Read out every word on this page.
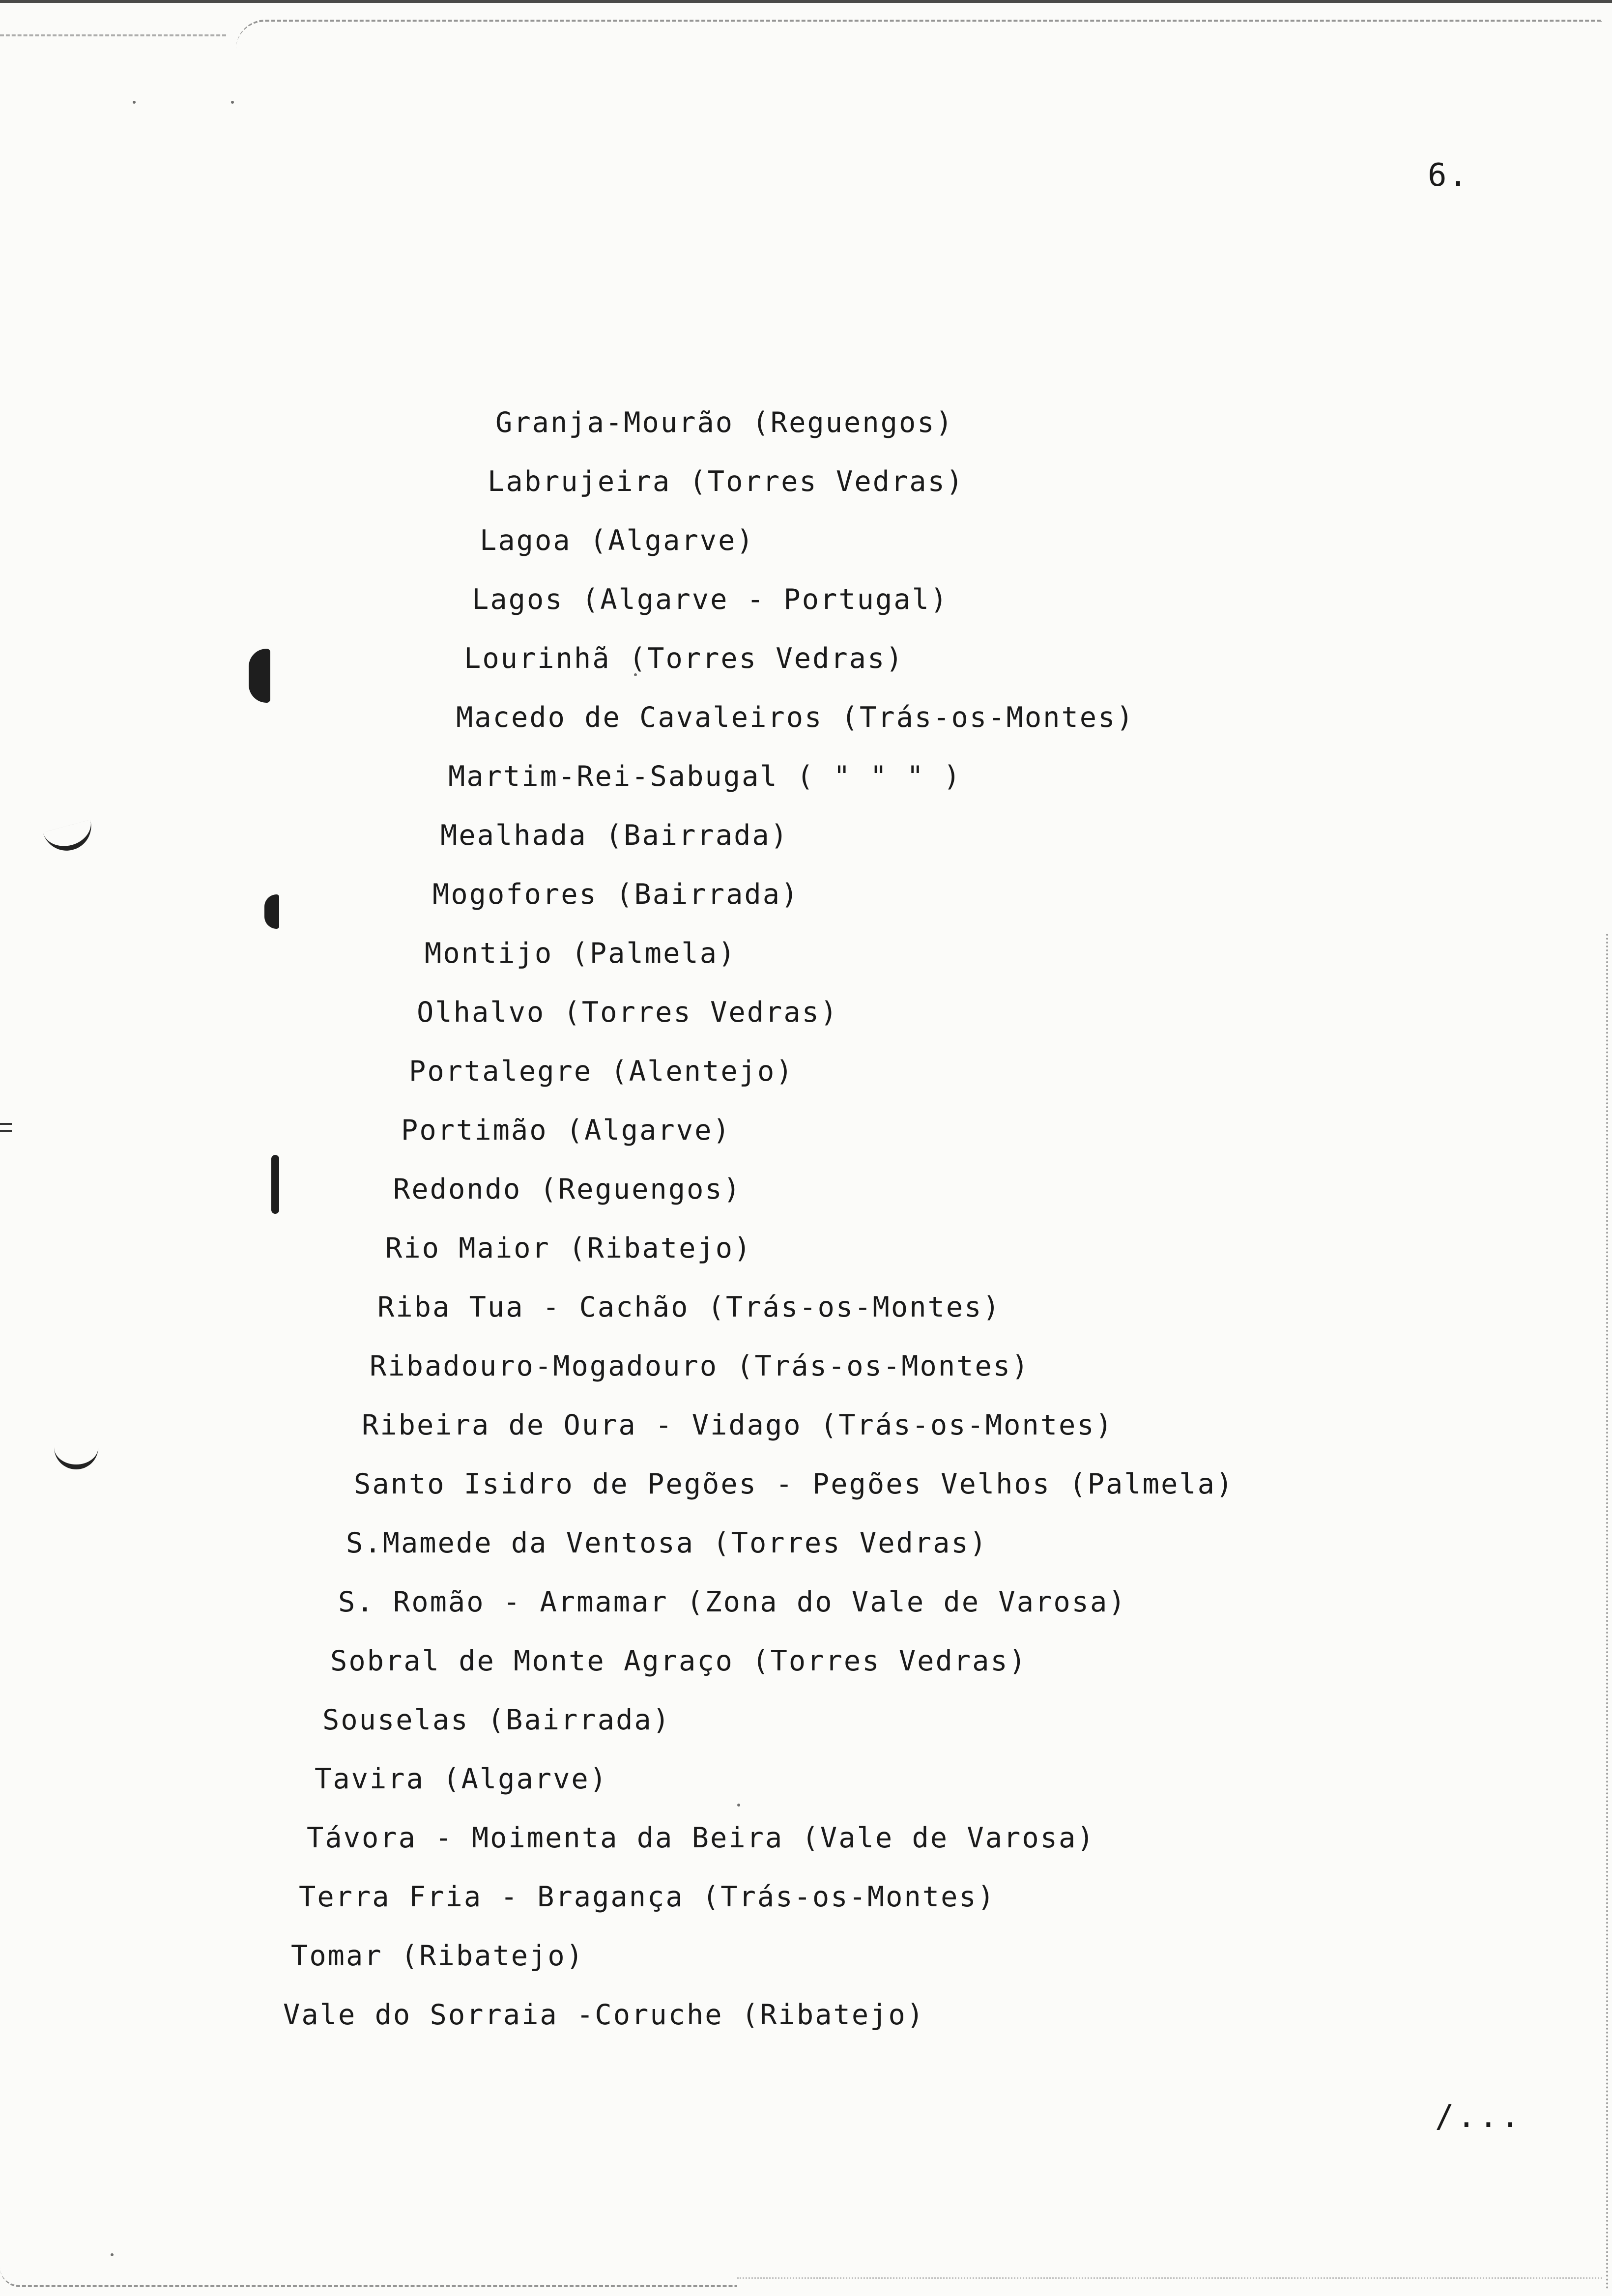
6.
Granja-Mourão (Reguengos)
Labrujeira (Torres Vedras)
Lagoa (Algarve)
Lagos (Algarve - Portugal)
Lourinhã (Torres Vedras)
Macedo de Cavaleiros (Trás-os-Montes)
Martim-Rei-Sabugal ( " " " )
Mealhada (Bairrada)
Mogofores (Bairrada)
Montijo (Palmela)
Olhalvo (Torres Vedras)
Portalegre (Alentejo)
Portimão (Algarve)
Redondo (Reguengos)
Rio Maior (Ribatejo)
Riba Tua - Cachão (Trás-os-Montes)
Ribadouro-Mogadouro (Trás-os-Montes)
Ribeira de Oura - Vidago (Trás-os-Montes)
Santo Isidro de Pegões - Pegões Velhos (Palmela)
S.Mamede da Ventosa (Torres Vedras)
S. Romão - Armamar (Zona do Vale de Varosa)
Sobral de Monte Agraço (Torres Vedras)
Souselas (Bairrada)
Tavira (Algarve)
Távora - Moimenta da Beira (Vale de Varosa)
Terra Fria - Bragança (Trás-os-Montes)
Tomar (Ribatejo)
Vale do Sorraia -Coruche (Ribatejo)
/...
